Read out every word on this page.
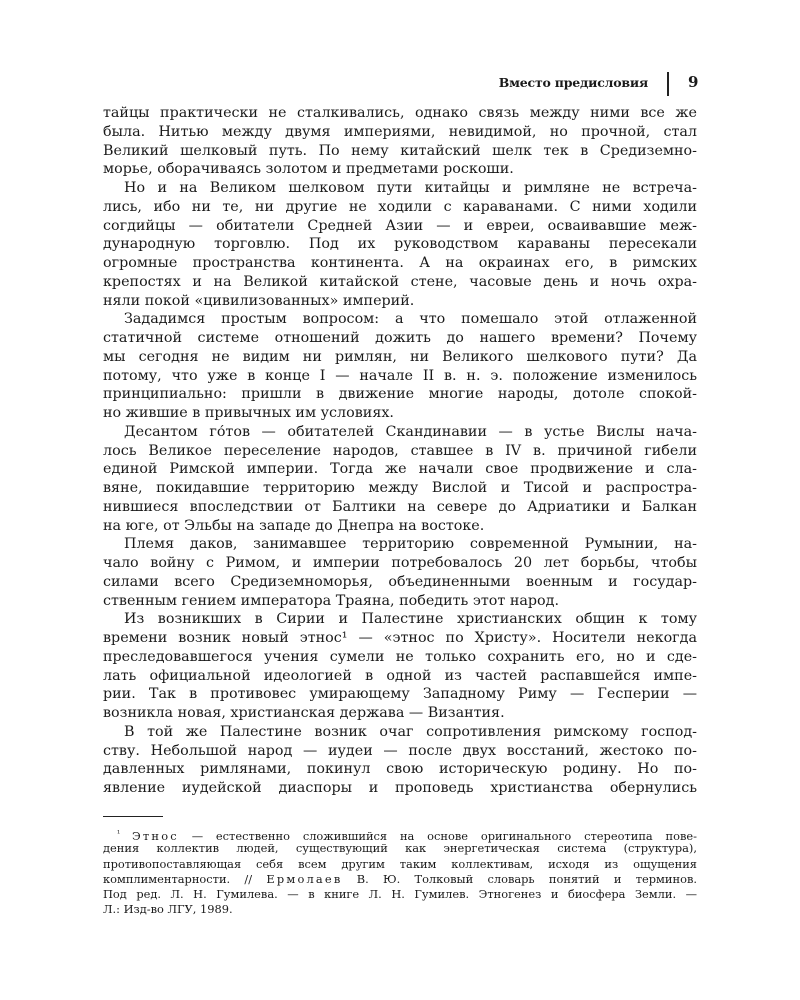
Вместо предисловия	9
тайцы практически не сталкивались, однако связь между ними все же
была. Нитью между двумя империями, невидимой, но прочной, стал
Великий шелковый путь. По нему китайский шелк тек в Средиземно-
морье, оборачиваясь золотом и предметами роскоши.
Но и на Великом шелковом пути китайцы и римляне не встреча-
лись, ибо ни те, ни другие не ходили с караванами. С ними ходили
согдийцы — обитатели Средней Азии — и евреи, осваивавшие меж-
дународную торговлю. Под их руководством караваны пересекали
огромные пространства континента. А на окраинах его, в римских
крепостях и на Великой китайской стене, часовые день и ночь охра-
няли покой «цивилизованных» империй.
Зададимся простым вопросом: а что помешало этой отлаженной
статичной системе отношений дожить до нашего времени? Почему
мы сегодня не видим ни римлян, ни Великого шелкового пути? Да
потому, что уже в конце I — начале II в. н. э. положение изменилось
принципиально: пришли в движение многие народы, дотоле спокой-
но жившие в привычных им условиях.
Десантом го́тов — обитателей Скандинавии — в устье Вислы нача-
лось Великое переселение народов, ставшее в IV в. причиной гибели
единой Римской империи. Тогда же начали свое продвижение и сла-
вяне, покидавшие территорию между Вислой и Тисой и распростра-
нившиеся впоследствии от Балтики на севере до Адриатики и Балкан
на юге, от Эльбы на западе до Днепра на востоке.
Племя даков, занимавшее территорию современной Румынии, на-
чало войну с Римом, и империи потребовалось 20 лет борьбы, чтобы
силами всего Средиземноморья, объединенными военным и государ-
ственным гением императора Траяна, победить этот народ.
Из возникших в Сирии и Палестине христианских общин к тому
времени возник новый этнос¹ — «этнос по Христу». Носители некогда
преследовавшегося учения сумели не только сохранить его, но и сде-
лать официальной идеологией в одной из частей распавшейся импе-
рии. Так в противовес умирающему Западному Риму — Гесперии —
возникла новая, христианская держава — Византия.
В той же Палестине возник очаг сопротивления римскому господ-
ству. Небольшой народ — иудеи — после двух восстаний, жестоко по-
давленных римлянами, покинул свою историческую родину. Но по-
явление иудейской диаспоры и проповедь христианства обернулись
$^{^1}$ Этнос — естественно сложившийся на основе оригинального стереотипа пове-
дения коллектив людей, существующий как энергетическая система (структура),
противопоставляющая себя всем другим таким коллективам, исходя из ощущения
комплиментарности. // Ермолаев В. Ю. Толковый словарь понятий и терминов.
Под ред. Л. Н. Гумилева. — в книге Л. Н. Гумилев. Этногенез и биосфера Земли. —
Л.: Изд-во ЛГУ, 1989.
